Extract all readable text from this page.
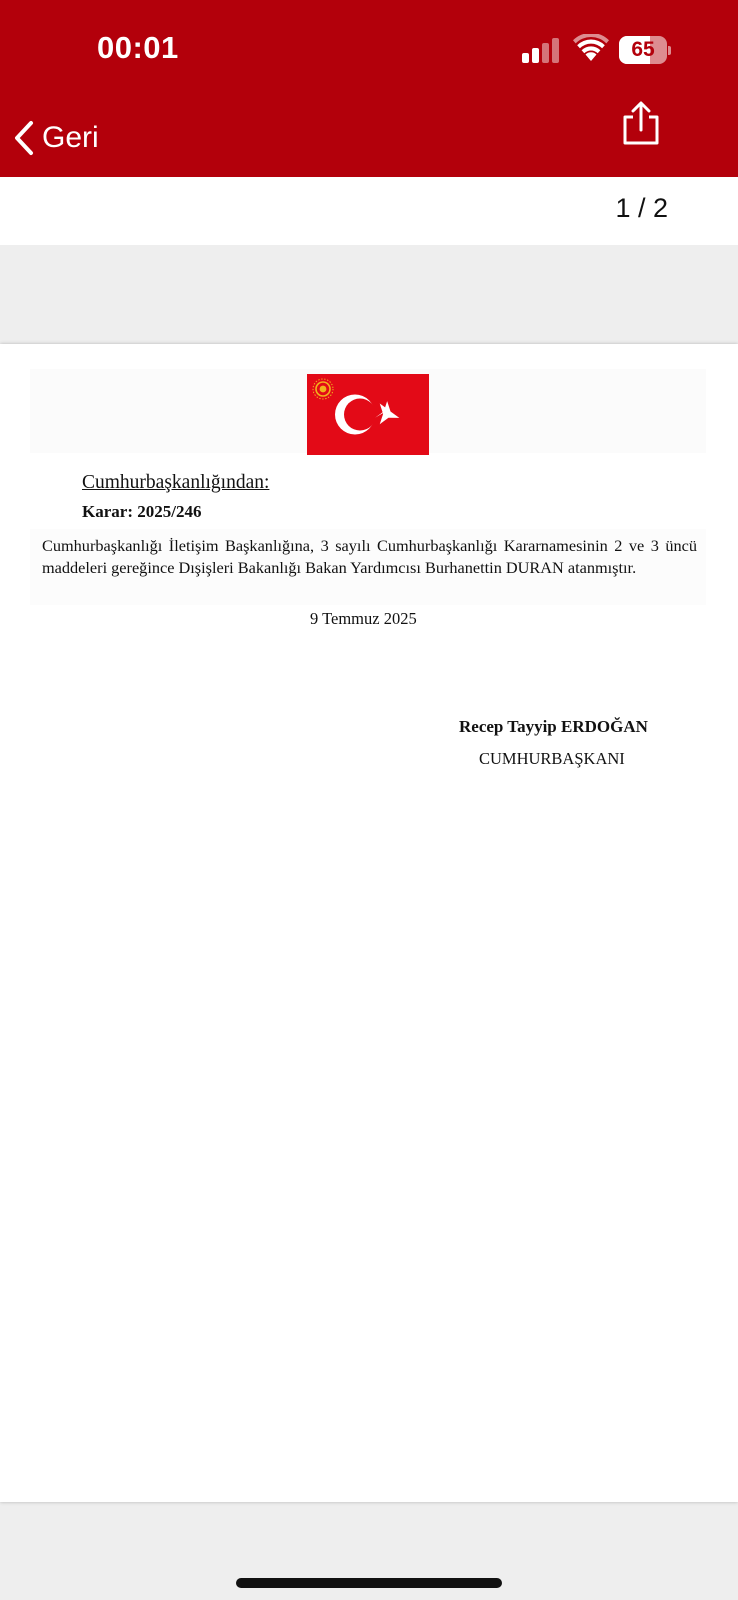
00:01	65
Geri
1 / 2
Cumhurbaşkanlığından:
Karar: 2025/246
Cumhurbaşkanlığı İletişim Başkanlığına, 3 sayılı Cumhurbaşkanlığı Kararnamesinin 2 ve 3 üncü maddeleri gereğince Dışişleri Bakanlığı Bakan Yardımcısı Burhanettin DURAN atanmıştır.
9 Temmuz 2025
Recep Tayyip ERDOĞAN
CUMHURBAŞKANI
